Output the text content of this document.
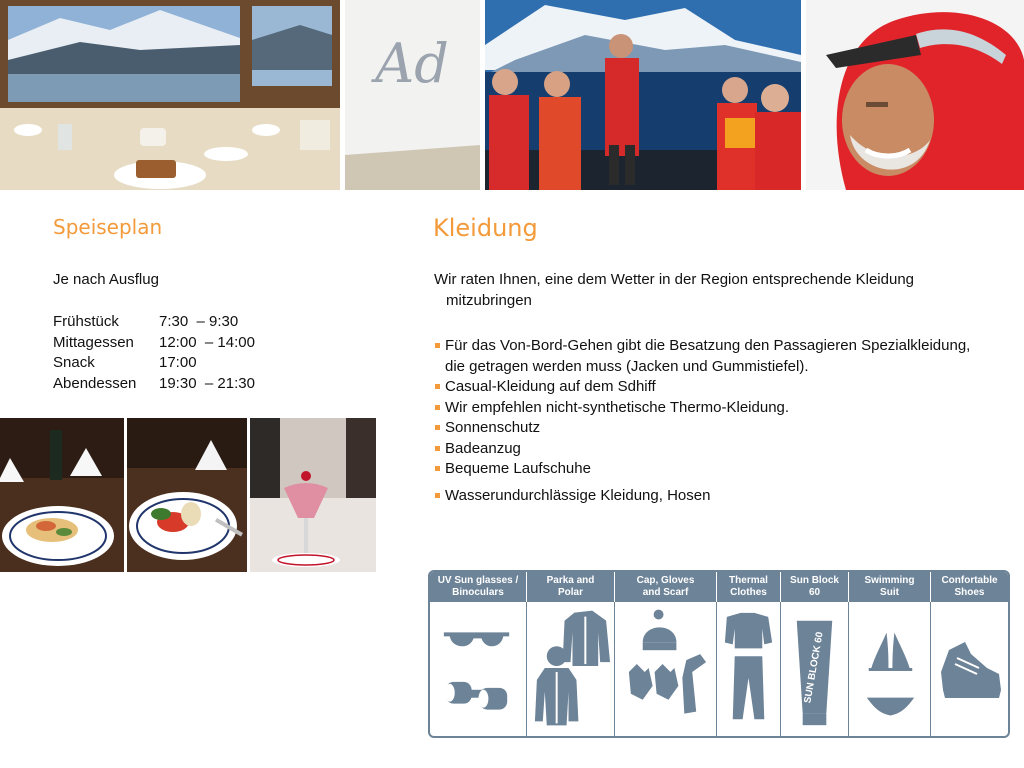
Ad
Speiseplan
Je nach Ausflug
Frühstück	7:30  – 9:30
Mittagessen	12:00  – 14:00
Snack	17:00
Abendessen	19:30  – 21:30
Kleidung

Wir raten Ihnen, eine dem Wetter in der Region entsprechende Kleidung mitzubringen

Für das Von-Bord-Gehen gibt die Besatzung den Passagieren Spezialkleidung, die getragen werden muss (Jacken und Gummistiefel).
Casual-Kleidung auf dem Sdhiff
Wir empfehlen nicht-synthetische Thermo-Kleidung.
Sonnenschutz
Badeanzug
Bequeme Laufschuhe
Wasserundurchlässige Kleidung, Hosen
UV Sun glasses /
Binoculars
Parka and
Polar
Cap, Gloves
and Scarf
Thermal
Clothes
Sun Block
60
Swimming
Suit
Confortable
Shoes
SUN BLOCK 60
